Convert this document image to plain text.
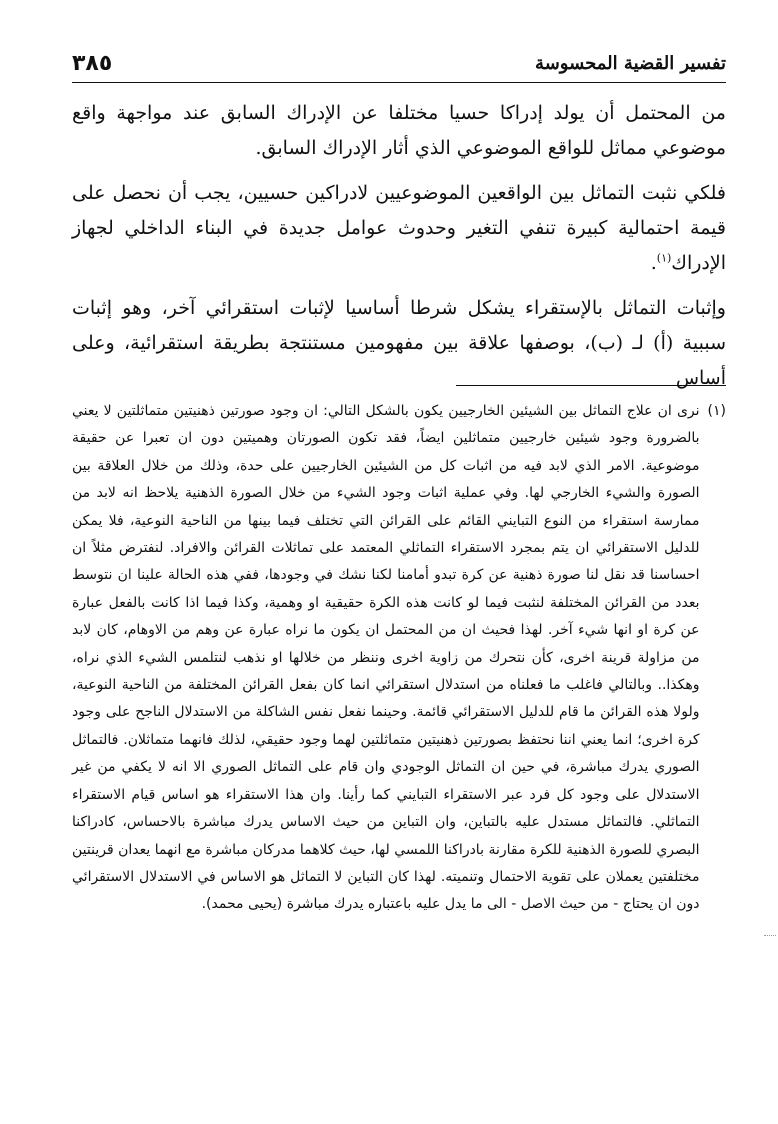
٣٨٥	تفسير القضية المحسوسة

من المحتمل أن يولد إدراكا حسيا مختلفا عن الإدراك السابق عند مواجهة واقع موضوعي مماثل للواقع الموضوعي الذي أثار الإدراك السابق.

فلكي نثبت التماثل بين الواقعين الموضوعيين لادراكين حسيين، يجب أن نحصل على قيمة احتمالية كبيرة تنفي التغير وحدوث عوامل جديدة في البناء الداخلي لجهاز الإدراك$^{(١)}$.

وإثبات التماثل بالإستقراء يشكل شرطا أساسيا لإثبات استقرائي آخر، وهو إثبات سببية (أ) لـ (ب)، بوصفها علاقة بين مفهومين مستنتجة بطريقة استقرائية، وعلى أساس

(١)

نرى ان علاج التماثل بين الشيئين الخارجيين يكون بالشكل التالي: ان وجود صورتين ذهنيتين متماثلتين لا يعني بالضرورة وجود شيئين خارجيين متماثلين ايضاً، فقد تكون الصورتان وهميتين دون ان تعبرا عن حقيقة موضوعية. الامر الذي لابد فيه من اثبات كل من الشيئين الخارجيين على حدة، وذلك من خلال العلاقة بين الصورة والشيء الخارجي لها. وفي عملية اثبات وجود الشيء من خلال الصورة الذهنية يلاحظ انه لابد من ممارسة استقراء من النوع التبايني القائم على القرائن التي تختلف فيما بينها من الناحية النوعية، فلا يمكن للدليل الاستقرائي ان يتم بمجرد الاستقراء التماثلي المعتمد على تماثلات القرائن والافراد. لنفترض مثلاً ان احساسنا قد نقل لنا صورة ذهنية عن كرة تبدو أمامنا لكنا نشك في وجودها، ففي هذه الحالة علينا ان نتوسط بعدد من القرائن المختلفة لنثبت فيما لو كانت هذه الكرة حقيقية او وهمية، وكذا فيما اذا كانت بالفعل عبارة عن كرة او انها شيء آخر. لهذا فحيث ان من المحتمل ان يكون ما نراه عبارة عن وهم من الاوهام، كان لابد من مزاولة قرينة اخرى، كأن نتحرك من زاوية اخرى وننظر من خلالها او نذهب لنتلمس الشيء الذي نراه، وهكذا.. وبالتالي فاغلب ما فعلناه من استدلال استقرائي انما كان بفعل القرائن المختلفة من الناحية النوعية، ولولا هذه القرائن ما قام للدليل الاستقرائي قائمة. وحينما نفعل نفس الشاكلة من الاستدلال الناجح على وجود كرة اخرى؛ انما يعني اننا نحتفظ بصورتين ذهنيتين متماثلتين لهما وجود حقيقي، لذلك فانهما متماثلان. فالتماثل الصوري يدرك مباشرة، في حين ان التماثل الوجودي وان قام على التماثل الصوري الا انه لا يكفي من غير الاستدلال على وجود كل فرد عبر الاستقراء التبايني كما رأينا. وان هذا الاستقراء هو اساس قيام الاستقراء التماثلي. فالتماثل مستدل عليه بالتباين، وان التباين من حيث الاساس يدرك مباشرة بالاحساس، كادراكنا البصري للصورة الذهنية للكرة مقارنة بادراكنا اللمسي لها، حيث كلاهما مدركان مباشرة مع انهما يعدان قرينتين مختلفتين يعملان على تقوية الاحتمال وتنميته. لهذا كان التباين لا التماثل هو الاساس في الاستدلال الاستقرائي دون ان يحتاج - من حيث الاصل - الى ما يدل عليه باعتباره يدرك مباشرة (يحيى محمد).
